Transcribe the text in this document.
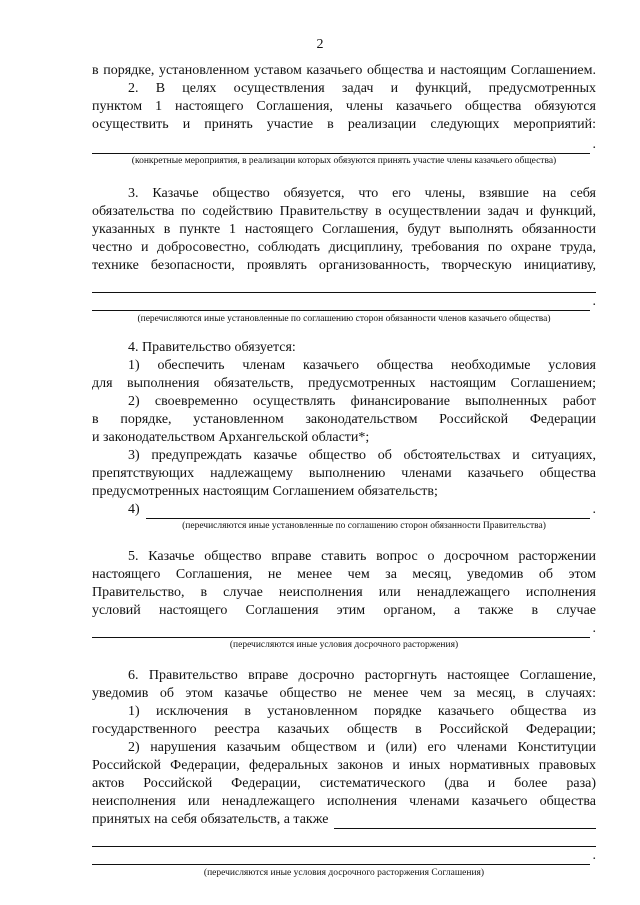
2

в порядке, установленном уставом казачьего общества и настоящим Соглашением.

2. В целях осуществления задач и функций, предусмотренных

пунктом 1 настоящего Соглашения, члены казачьего общества обязуются

осуществить и принять участие в реализации следующих мероприятий:

.
(конкретные мероприятия, в реализации которых обязуются принять участие члены казачьего общества)

3. Казачье общество обязуется, что его члены, взявшие на себя

обязательства по содействию Правительству в осуществлении задач и функций,

указанных в пункте 1 настоящего Соглашения, будут выполнять обязанности

честно и добросовестно, соблюдать дисциплину, требования по охране труда,

технике безопасности, проявлять организованность, творческую инициативу,

.
(перечисляются иные установленные по соглашению сторон обязанности членов казачьего общества)

4. Правительство обязуется:

1) обеспечить членам казачьего общества необходимые условия

для выполнения обязательств, предусмотренных настоящим Соглашением;

2) своевременно осуществлять финансирование выполненных работ

в порядке, установленном законодательством Российской Федерации

и законодательством Архангельской области*;

3) предупреждать казачье общество об обстоятельствах и ситуациях,

препятствующих надлежащему выполнению членами казачьего общества

предусмотренных настоящим Соглашением обязательств;

4)	.
(перечисляются иные установленные по соглашению сторон обязанности Правительства)

5. Казачье общество вправе ставить вопрос о досрочном расторжении

настоящего Соглашения, не менее чем за месяц, уведомив об этом

Правительство, в случае неисполнения или ненадлежащего исполнения

условий настоящего Соглашения этим органом, а также в случае

.
(перечисляются иные условия досрочного расторжения)

6. Правительство вправе досрочно расторгнуть настоящее Соглашение,

уведомив об этом казачье общество не менее чем за месяц, в случаях:

1) исключения в установленном порядке казачьего общества из

государственного реестра казачьих обществ в Российской Федерации;

2) нарушения казачьим обществом и (или) его членами Конституции

Российской Федерации, федеральных законов и иных нормативных правовых

актов Российской Федерации, систематического (два и более раза)

неисполнения или ненадлежащего исполнения членами казачьего общества

принятых на себя обязательств, а также
.
(перечисляются иные условия досрочного расторжения Соглашения)
